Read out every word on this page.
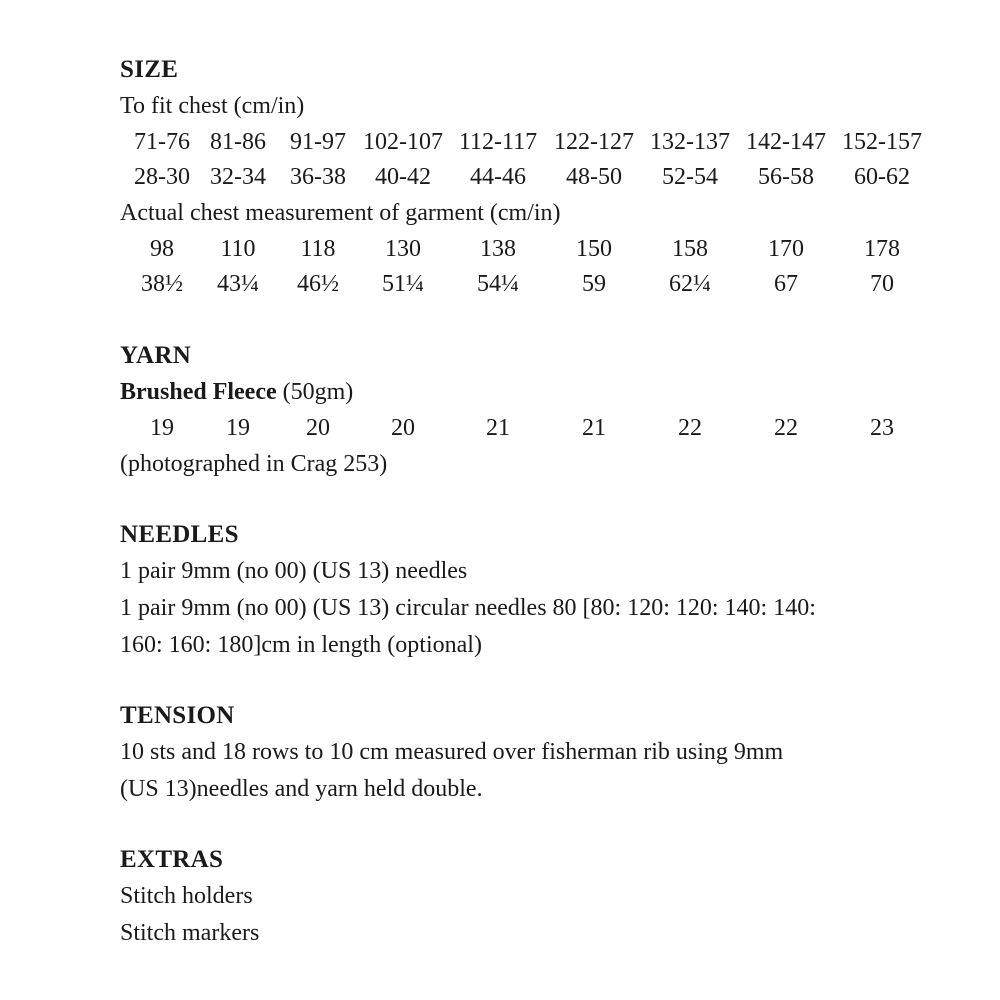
SIZE

To fit chest (cm/in)

71-76 81-86 91-97 102-107 112-117 122-127 132-137 142-147 152-157
28-30 32-34 36-38 40-42 44-46 48-50 52-54 56-58 60-62

Actual chest measurement of garment (cm/in)

98 110 118 130 138	150	158	170	178
38½ 43¼ 46½ 51¼ 54¼	59	62¼	67	70

YARN

Brushed Fleece (50gm)

19 19 20	20	21	21	22	22	23

(photographed in Crag 253)

NEEDLES

1 pair 9mm (no 00) (US 13) needles

1 pair 9mm (no 00) (US 13) circular needles 80 [80: 120: 120: 140: 140:

160: 160: 180]cm in length (optional)

TENSION

10 sts and 18 rows to 10 cm measured over fisherman rib using 9mm

(US 13)needles and yarn held double.

EXTRAS

Stitch holders

Stitch markers
